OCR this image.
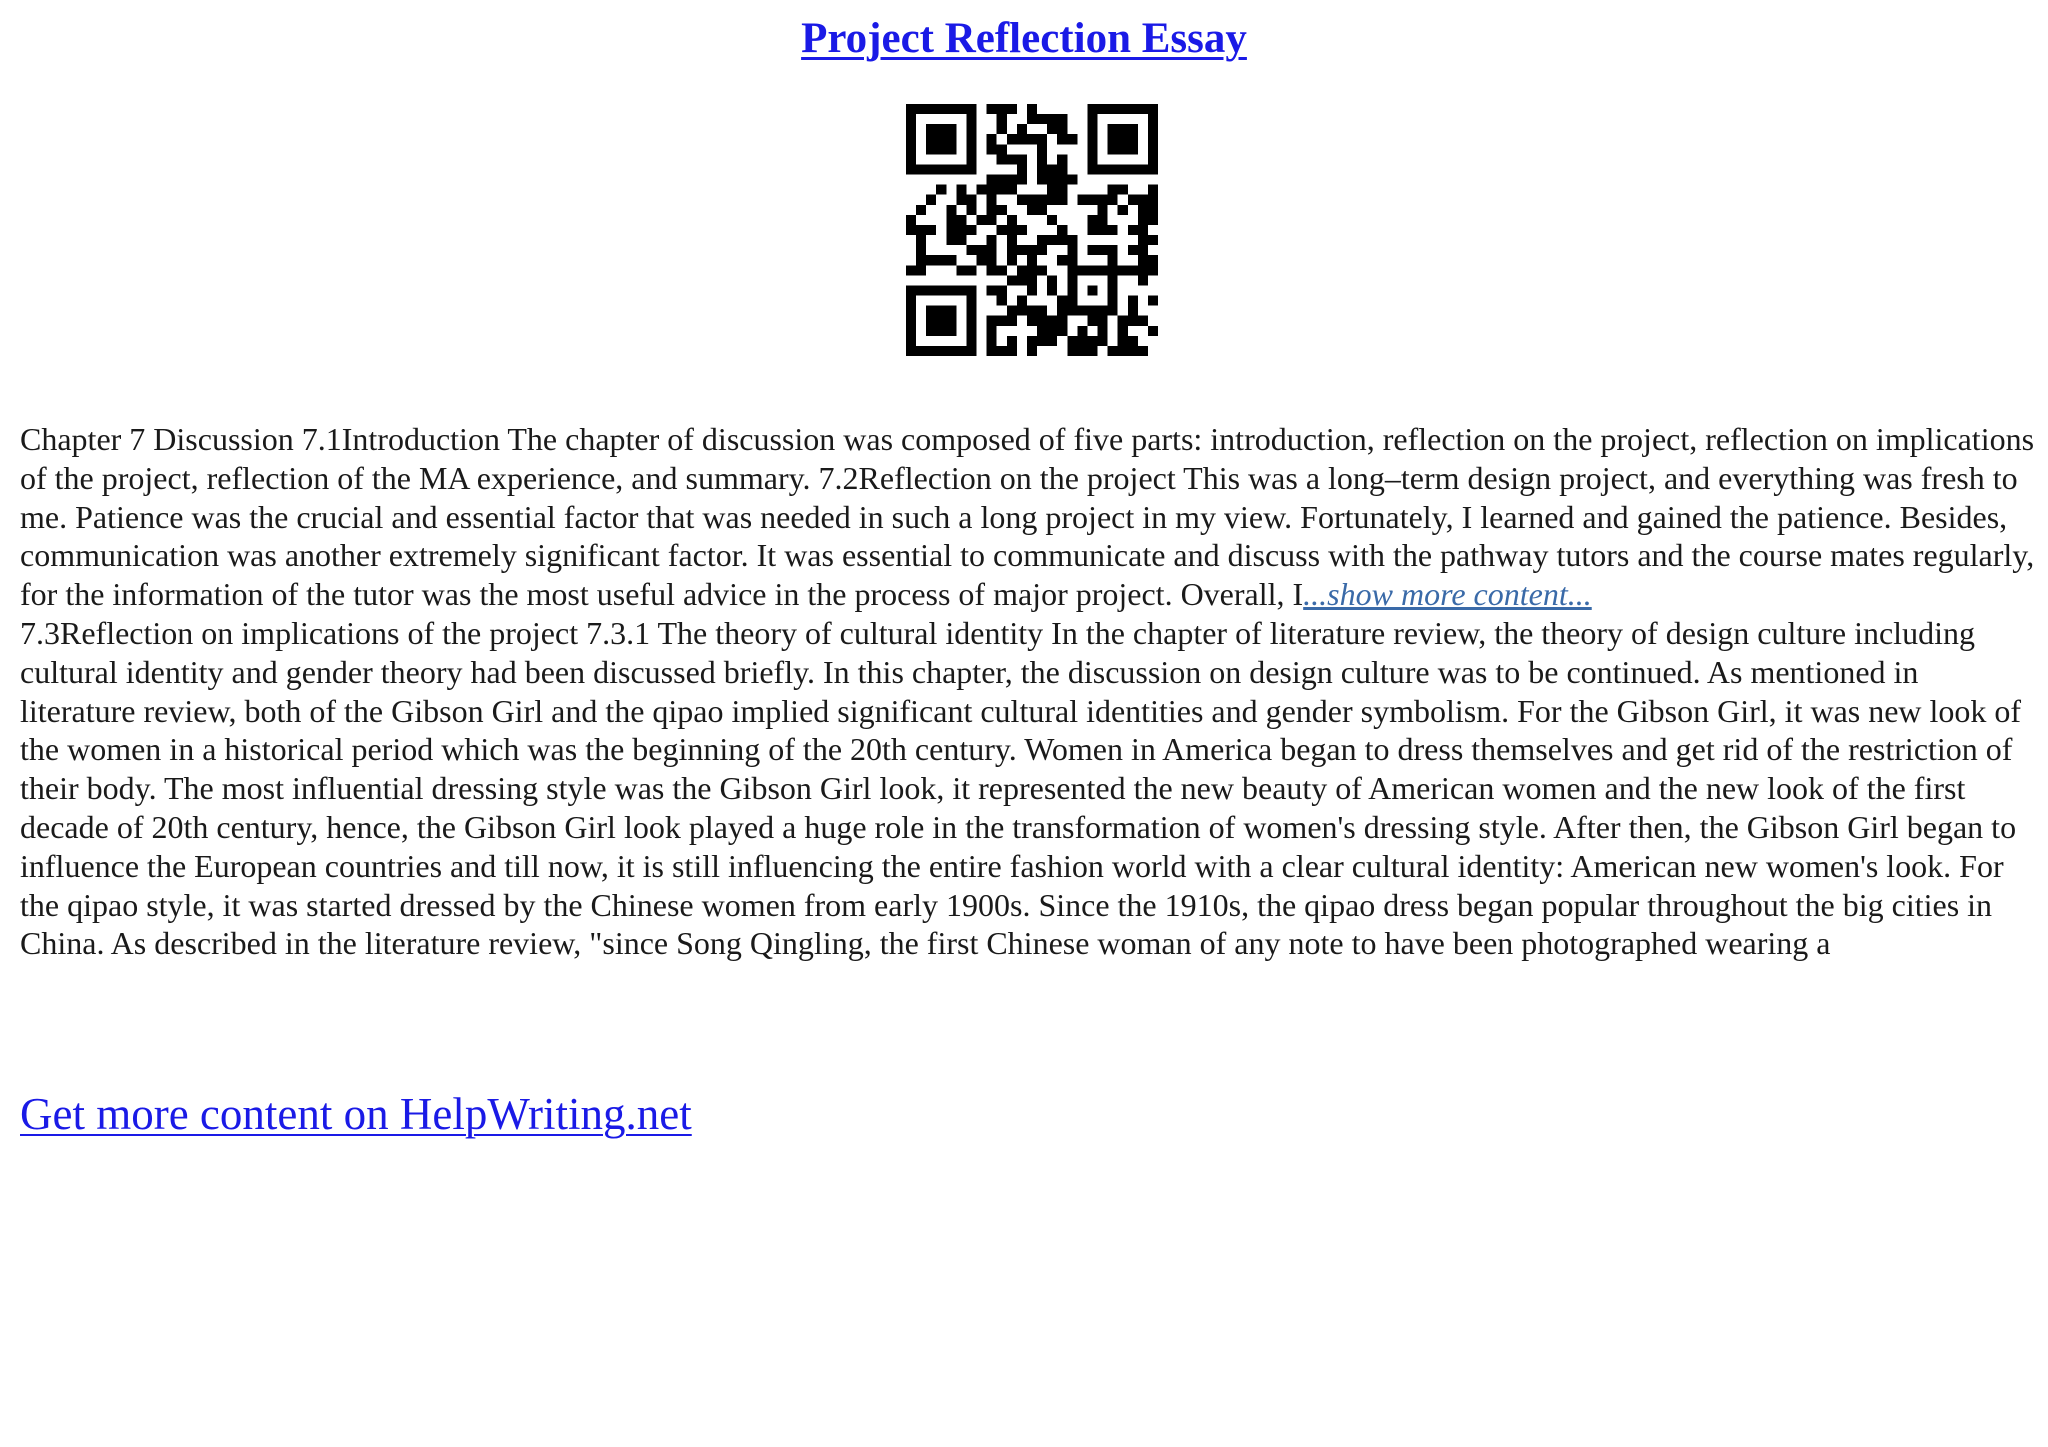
Project Reflection Essay

Chapter 7 Discussion 7.1Introduction The chapter of discussion was composed of five parts: introduction, reflection on the project, reflection on implications of the project, reflection of the MA experience, and summary. 7.2Reflection on the project This was a long–term design project, and everything was fresh to me. Patience was the crucial and essential factor that was needed in such a long project in my view. Fortunately, I learned and gained the patience. Besides, communication was another extremely significant factor. It was essential to communicate and discuss with the pathway tutors and the course mates regularly, for the information of the tutor was the most useful advice in the process of major project. Overall, I...show more content...

7.3Reflection on implications of the project 7.3.1 The theory of cultural identity In the chapter of literature review, the theory of design culture including cultural identity and gender theory had been discussed briefly. In this chapter, the discussion on design culture was to be continued. As mentioned in literature review, both of the Gibson Girl and the qipao implied significant cultural identities and gender symbolism. For the Gibson Girl, it was new look of the women in a historical period which was the beginning of the 20th century. Women in America began to dress themselves and get rid of the restriction of their body. The most influential dressing style was the Gibson Girl look, it represented the new beauty of American women and the new look of the first decade of 20th century, hence, the Gibson Girl look played a huge role in the transformation of women's dressing style. After then, the Gibson Girl began to influence the European countries and till now, it is still influencing the entire fashion world with a clear cultural identity: American new women's look. For the qipao style, it was started dressed by the Chinese women from early 1900s. Since the 1910s, the qipao dress began popular throughout the big cities in China. As described in the literature review, "since Song Qingling, the first Chinese woman of any note to have been photographed wearing a

Get more content on HelpWriting.net
